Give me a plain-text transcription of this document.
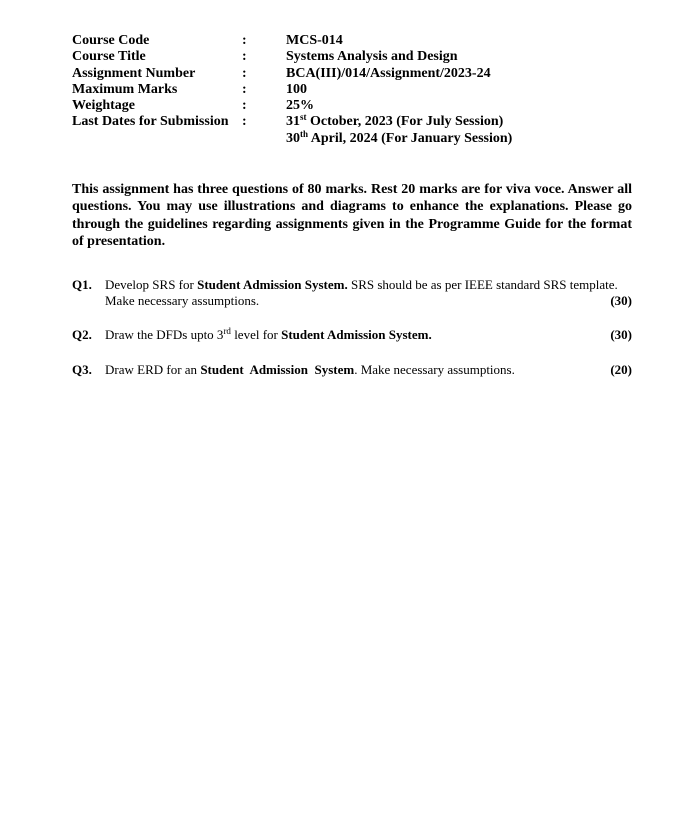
Course Code	:	MCS-014
Course Title	:	Systems Analysis and Design
Assignment Number	:	BCA(III)/014/Assignment/2023-24
Maximum Marks	:	100
Weightage	:	25%
Last Dates for Submission :	31st October, 2023 (For July Session)
30th April, 2024 (For January Session)
This assignment has three questions of 80 marks. Rest 20 marks are for viva voce. Answer all questions. You may use illustrations and diagrams to enhance the explanations. Please go through the guidelines regarding assignments given in the Programme Guide for the format of presentation.
Q1.	Develop SRS for Student Admission System. SRS should be as per IEEE standard SRS template.
Make necessary assumptions.	(30)
Q2.	Draw the DFDs upto 3rd level for Student Admission System.	(30)
Q3.	Draw ERD for an Student  Admission  System. Make necessary assumptions.	(20)
